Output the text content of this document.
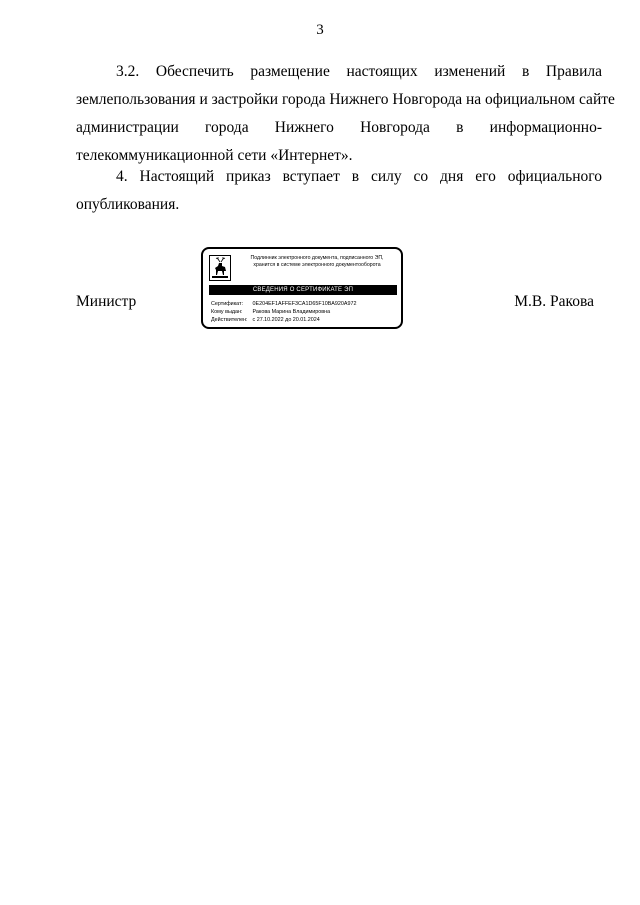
3
3.2. Обеспечить размещение настоящих изменений в Правила
землепользования и застройки города Нижнего Новгорода на официальном сайте
администрации города Нижнего Новгорода в информационно-
телекоммуникационной сети «Интернет».
4. Настоящий приказ вступает в силу со дня его официального
опубликования.
Министр	М.В. Ракова
Подлинник электронного документа, подписанного ЭП,
хранится в системе электронного документооборота
СВЕДЕНИЯ О СЕРТИФИКАТЕ ЭП
Сертификат: 0E204EF1AFFEF3CA1D65F10BA920A972
Кому выдан: Ракова Марина Владимировна
Действителен: с 27.10.2022 до 20.01.2024
